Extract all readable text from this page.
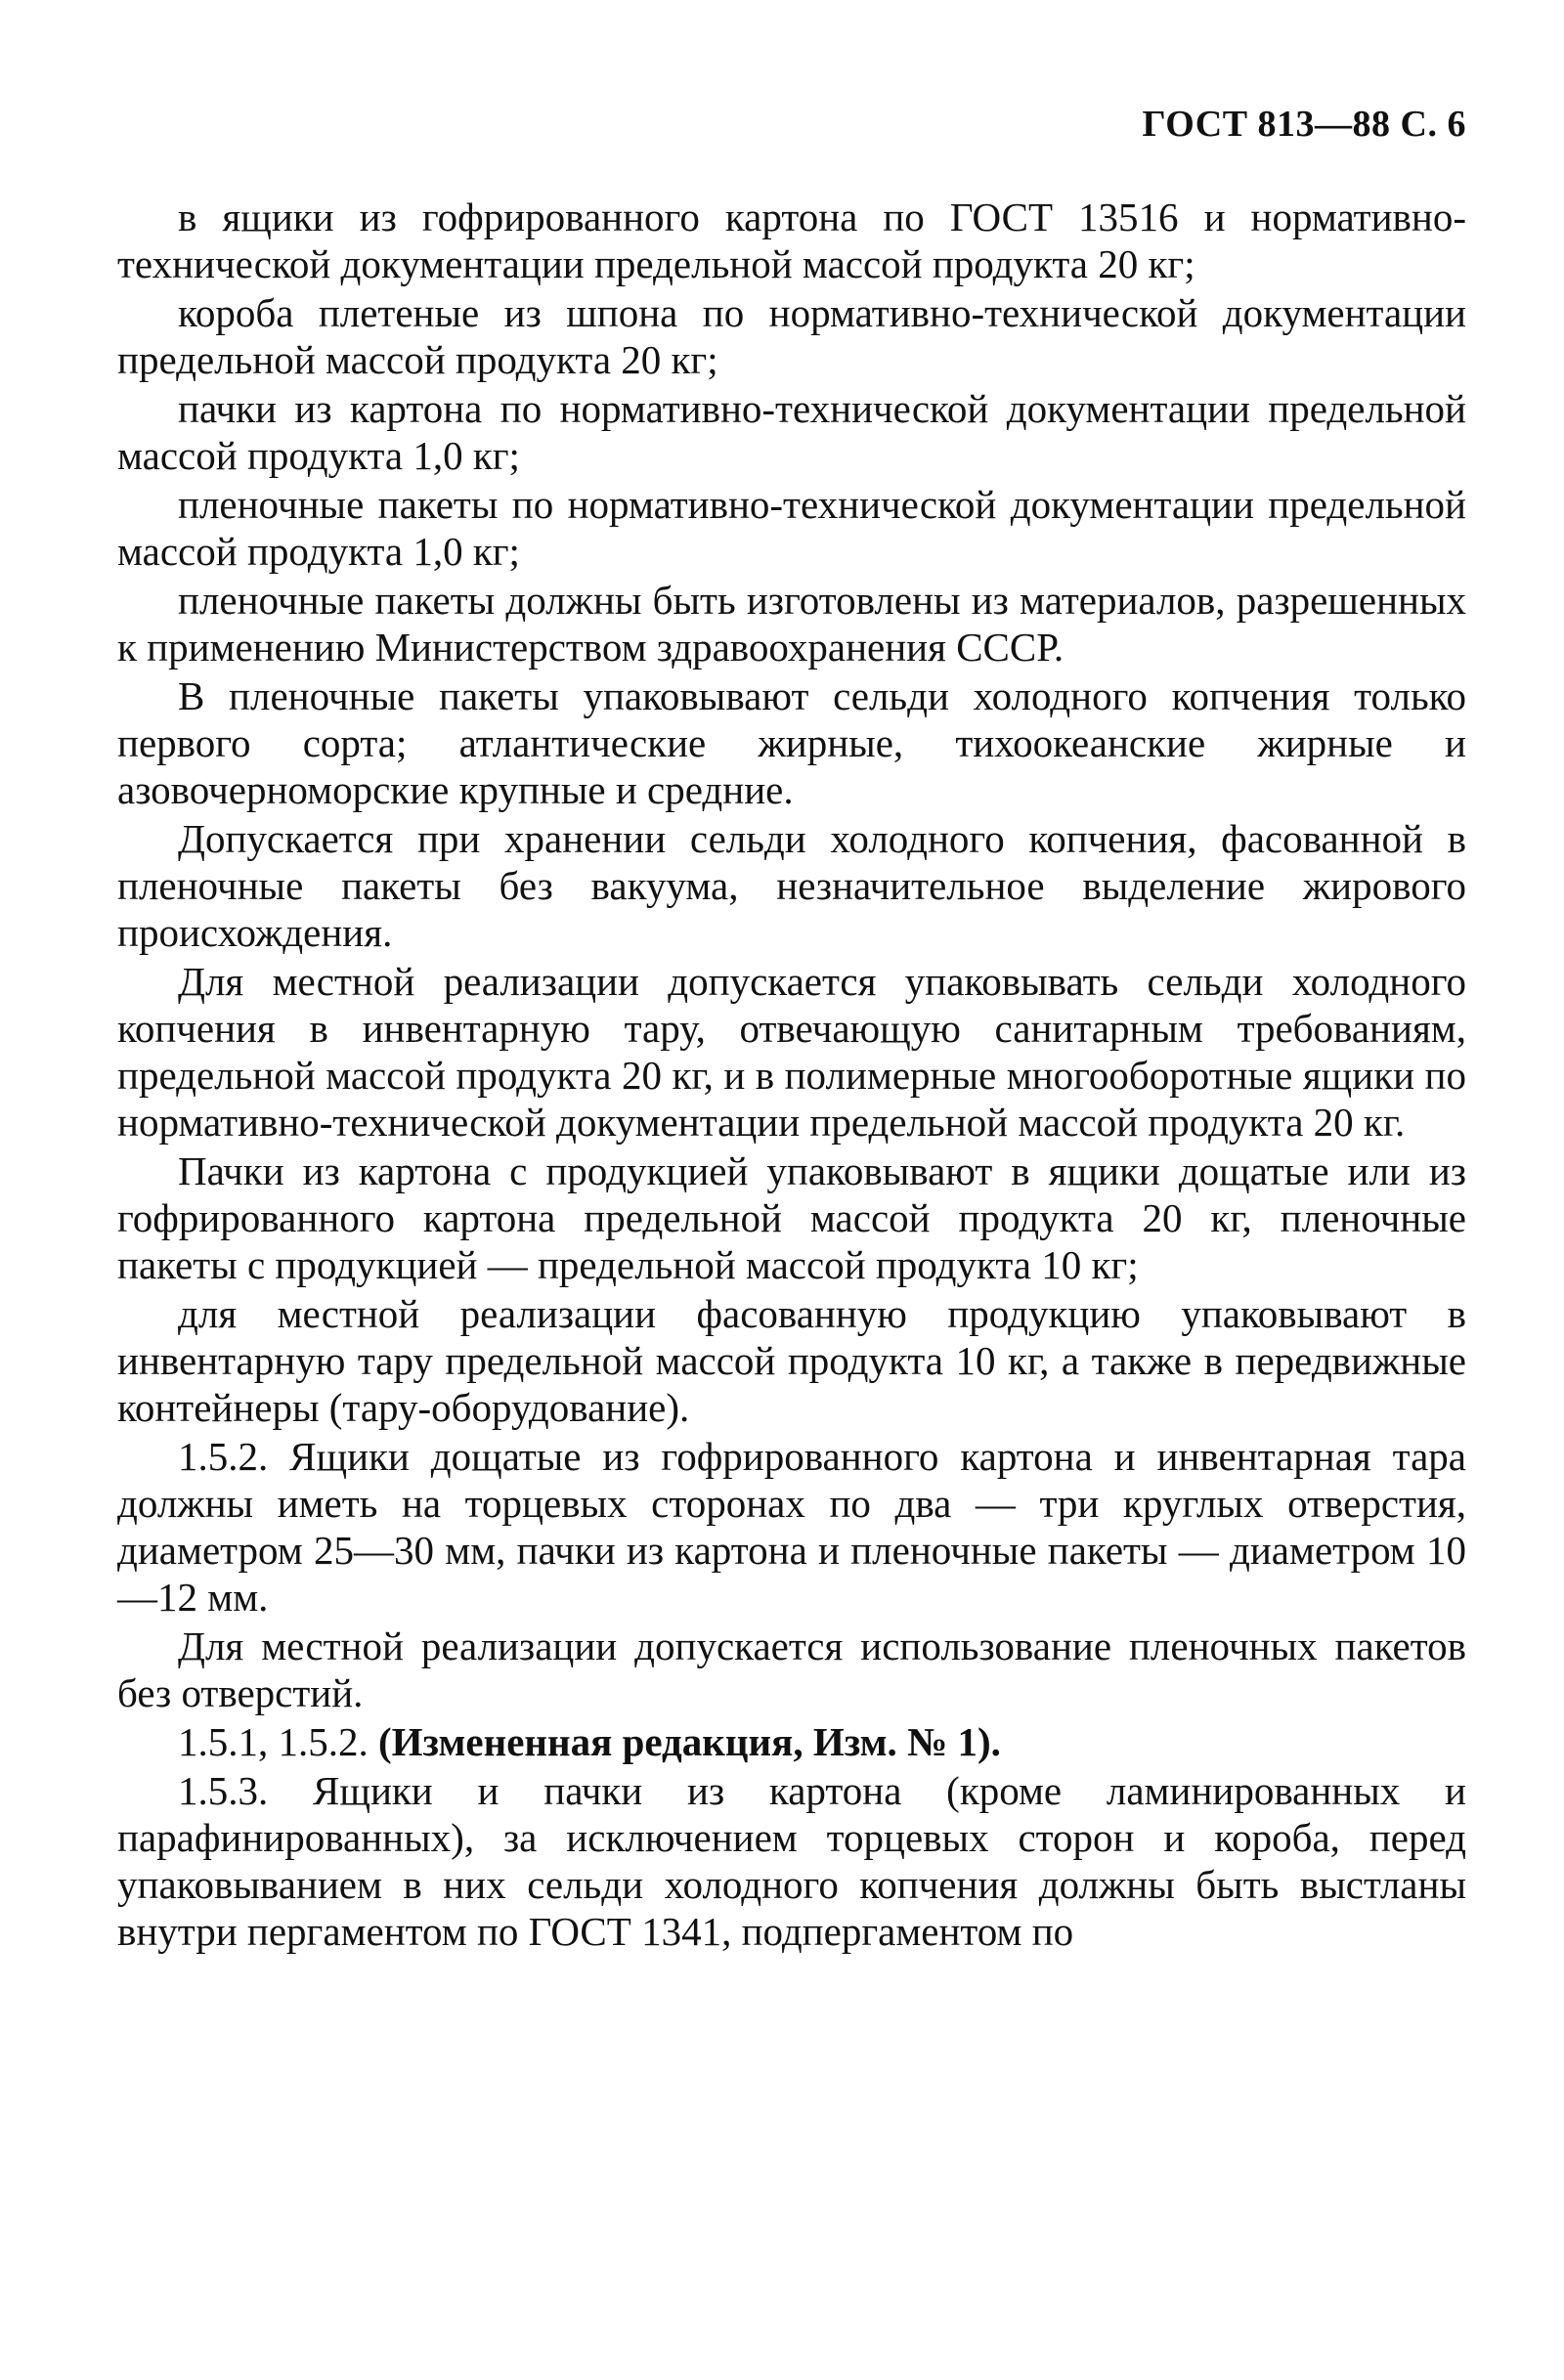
ГОСТ 813—88 С. 6

в ящики из гофрированного картона по ГОСТ 13516 и нормативно-технической документации предельной массой продукта 20 кг;

короба плетеные из шпона по нормативно-технической документации предельной массой продукта 20 кг;

пачки из картона по нормативно-технической документации предельной массой продукта 1,0 кг;

пленочные пакеты по нормативно-технической документации предельной массой продукта 1,0 кг;

пленочные пакеты должны быть изготовлены из материалов, разрешенных к применению Министерством здравоохранения СССР.

В пленочные пакеты упаковывают сельди холодного копчения только первого сорта; атлантические жирные, тихоокеанские жирные и азовочерноморские крупные и средние.

Допускается при хранении сельди холодного копчения, фасованной в пленочные пакеты без вакуума, незначительное выделение жирового происхождения.

Для местной реализации допускается упаковывать сельди холодного копчения в инвентарную тару, отвечающую санитарным требованиям, предельной массой продукта 20 кг, и в полимерные многооборотные ящики по нормативно-технической документации предельной массой продукта 20 кг.

Пачки из картона с продукцией упаковывают в ящики дощатые или из гофрированного картона предельной массой продукта 20 кг, пленочные пакеты с продукцией — предельной массой продукта 10 кг;

для местной реализации фасованную продукцию упаковывают в инвентарную тару предельной массой продукта 10 кг, а также в передвижные контейнеры (тару-оборудование).

1.5.2. Ящики дощатые из гофрированного картона и инвентарная тара должны иметь на торцевых сторонах по два — три круглых отверстия, диаметром 25—30 мм, пачки из картона и пленочные пакеты — диаметром 10—12 мм.

Для местной реализации допускается использование пленочных пакетов без отверстий.

1.5.1, 1.5.2. (Измененная редакция, Изм. № 1).

1.5.3. Ящики и пачки из картона (кроме ламинированных и парафинированных), за исключением торцевых сторон и короба, перед упаковыванием в них сельди холодного копчения должны быть выстланы внутри пергаментом по ГОСТ 1341, подпергаментом по
